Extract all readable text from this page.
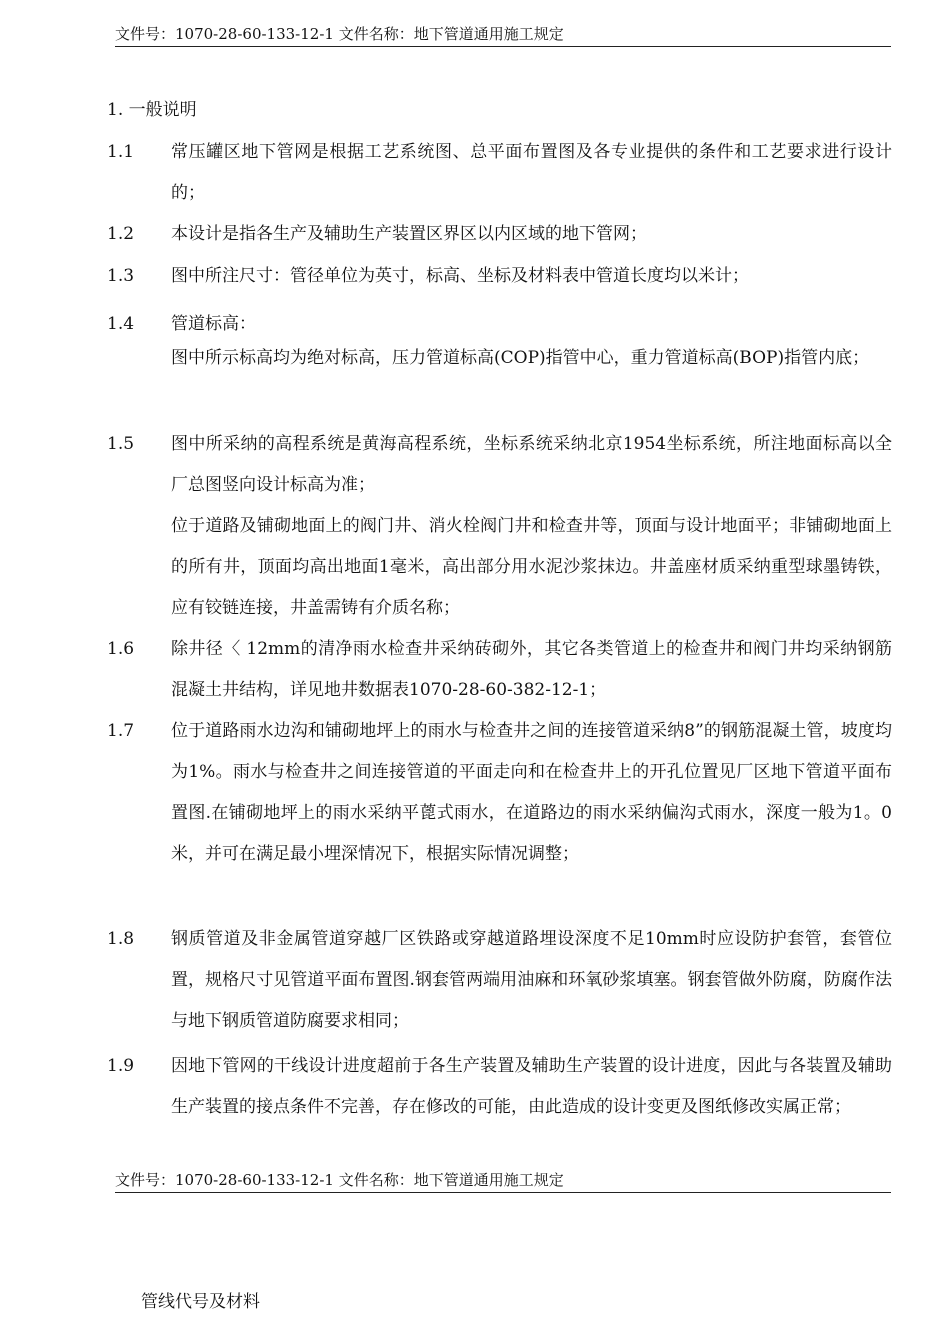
文件号：1070-28-60-133-12-1 文件名称：地下管道通用施工规定
1. 一般说明
1.1 常压罐区地下管网是根据工艺系统图、总平面布置图及各专业提供的条件和工艺要求进行设计的；
1.2 本设计是指各生产及辅助生产装置区界区以内区域的地下管网；
1.3 图中所注尺寸：管径单位为英寸，标高、坐标及材料表中管道长度均以米计；
1.4 管道标高：
图中所示标高均为绝对标高，压力管道标高(COP)指管中心，重力管道标高(BOP)指管内底；
1.5 图中所采纳的高程系统是黄海高程系统，坐标系统采纳北京1954坐标系统，所注地面标高以全厂总图竖向设计标高为准；
位于道路及铺砌地面上的阀门井、消火栓阀门井和检查井等，顶面与设计地面平；非铺砌地面上的所有井，顶面均高出地面1毫米，高出部分用水泥沙浆抹边。井盖座材质采纳重型球墨铸铁，应有铰链连接，井盖需铸有介质名称；
1.6 除井径〈 12mm的清净雨水检查井采纳砖砌外，其它各类管道上的检查井和阀门井均采纳钢筋混凝土井结构，详见地井数据表1070-28-60-382-12-1；
1.7 位于道路雨水边沟和铺砌地坪上的雨水与检查井之间的连接管道采纳8”的钢筋混凝土管，坡度均为1%。雨水与检查井之间连接管道的平面走向和在检查井上的开孔位置见厂区地下管道平面布置图.在铺砌地坪上的雨水采纳平蓖式雨水，在道路边的雨水采纳偏沟式雨水，深度一般为1。0米，并可在满足最小埋深情况下，根据实际情况调整；
1.8 钢质管道及非金属管道穿越厂区铁路或穿越道路埋设深度不足10mm时应设防护套管，套管位置，规格尺寸见管道平面布置图.钢套管两端用油麻和环氧砂浆填塞。钢套管做外防腐，防腐作法与地下钢质管道防腐要求相同；
1.9 因地下管网的干线设计进度超前于各生产装置及辅助生产装置的设计进度，因此与各装置及辅助生产装置的接点条件不完善，存在修改的可能，由此造成的设计变更及图纸修改实属正常；
文件号：1070-28-60-133-12-1 文件名称：地下管道通用施工规定
管线代号及材料
